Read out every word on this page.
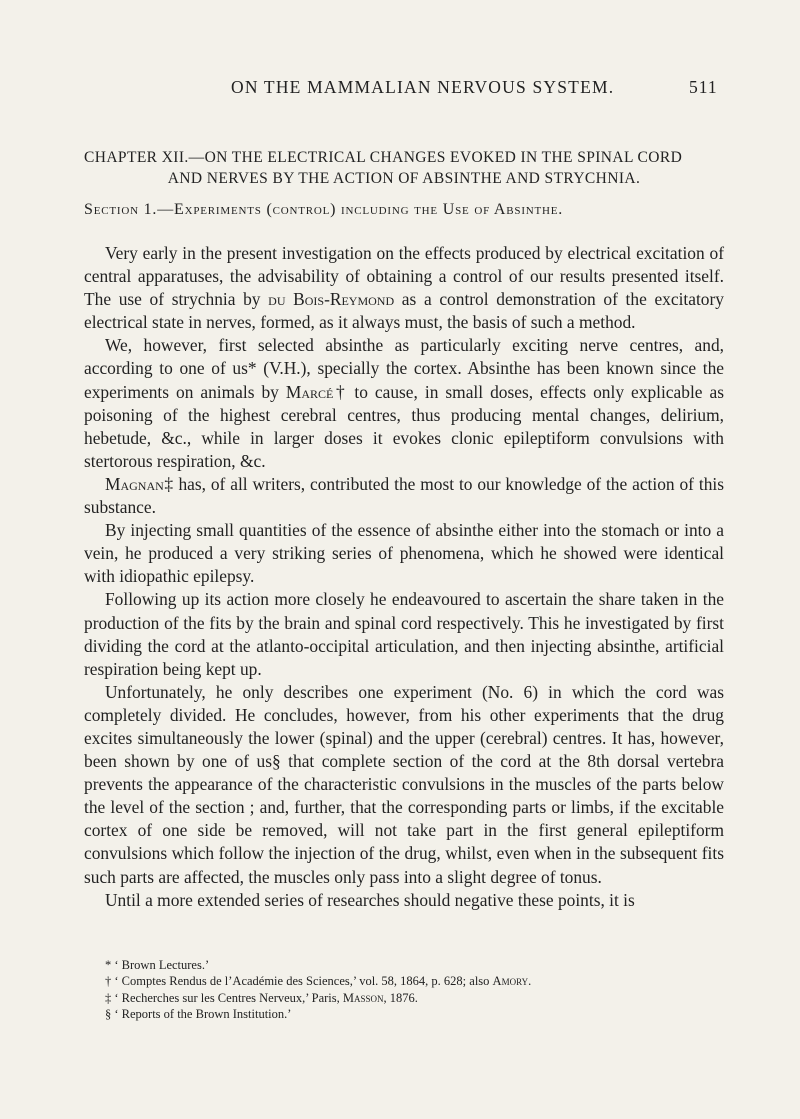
ON THE MAMMALIAN NERVOUS SYSTEM.	511
CHAPTER XII.—ON THE ELECTRICAL CHANGES EVOKED IN THE SPINAL CORD
AND NERVES BY THE ACTION OF ABSINTHE AND STRYCHNIA.
Section 1.—Experiments (control) including the Use of Absinthe.

Very early in the present investigation on the effects produced by electrical excitation of central apparatuses, the advisability of obtaining a control of our results presented itself. The use of strychnia by du Bois-Reymond as a control demonstration of the excitatory electrical state in nerves, formed, as it always must, the basis of such a method.

We, however, first selected absinthe as particularly exciting nerve centres, and, according to one of us* (V.H.), specially the cortex. Absinthe has been known since the experiments on animals by Marcé† to cause, in small doses, effects only explicable as poisoning of the highest cerebral centres, thus producing mental changes, delirium, hebetude, &c., while in larger doses it evokes clonic epileptiform convulsions with stertorous respiration, &c.

Magnan‡ has, of all writers, contributed the most to our knowledge of the action of this substance.

By injecting small quantities of the essence of absinthe either into the stomach or into a vein, he produced a very striking series of phenomena, which he showed were identical with idiopathic epilepsy.

Following up its action more closely he endeavoured to ascertain the share taken in the production of the fits by the brain and spinal cord respectively. This he investigated by first dividing the cord at the atlanto-occipital articulation, and then injecting absinthe, artificial respiration being kept up.

Unfortunately, he only describes one experiment (No. 6) in which the cord was completely divided. He concludes, however, from his other experiments that the drug excites simultaneously the lower (spinal) and the upper (cerebral) centres. It has, however, been shown by one of us§ that complete section of the cord at the 8th dorsal vertebra prevents the appearance of the characteristic convulsions in the muscles of the parts below the level of the section ; and, further, that the corresponding parts or limbs, if the excitable cortex of one side be removed, will not take part in the first general epileptiform convulsions which follow the injection of the drug, whilst, even when in the subsequent fits such parts are affected, the muscles only pass into a slight degree of tonus.

Until a more extended series of researches should negative these points, it is

* ‘ Brown Lectures.’
† ‘ Comptes Rendus de l’Académie des Sciences,’ vol. 58, 1864, p. 628; also Amory.
‡ ‘ Recherches sur les Centres Nerveux,’ Paris, Masson, 1876.
§ ‘ Reports of the Brown Institution.’
